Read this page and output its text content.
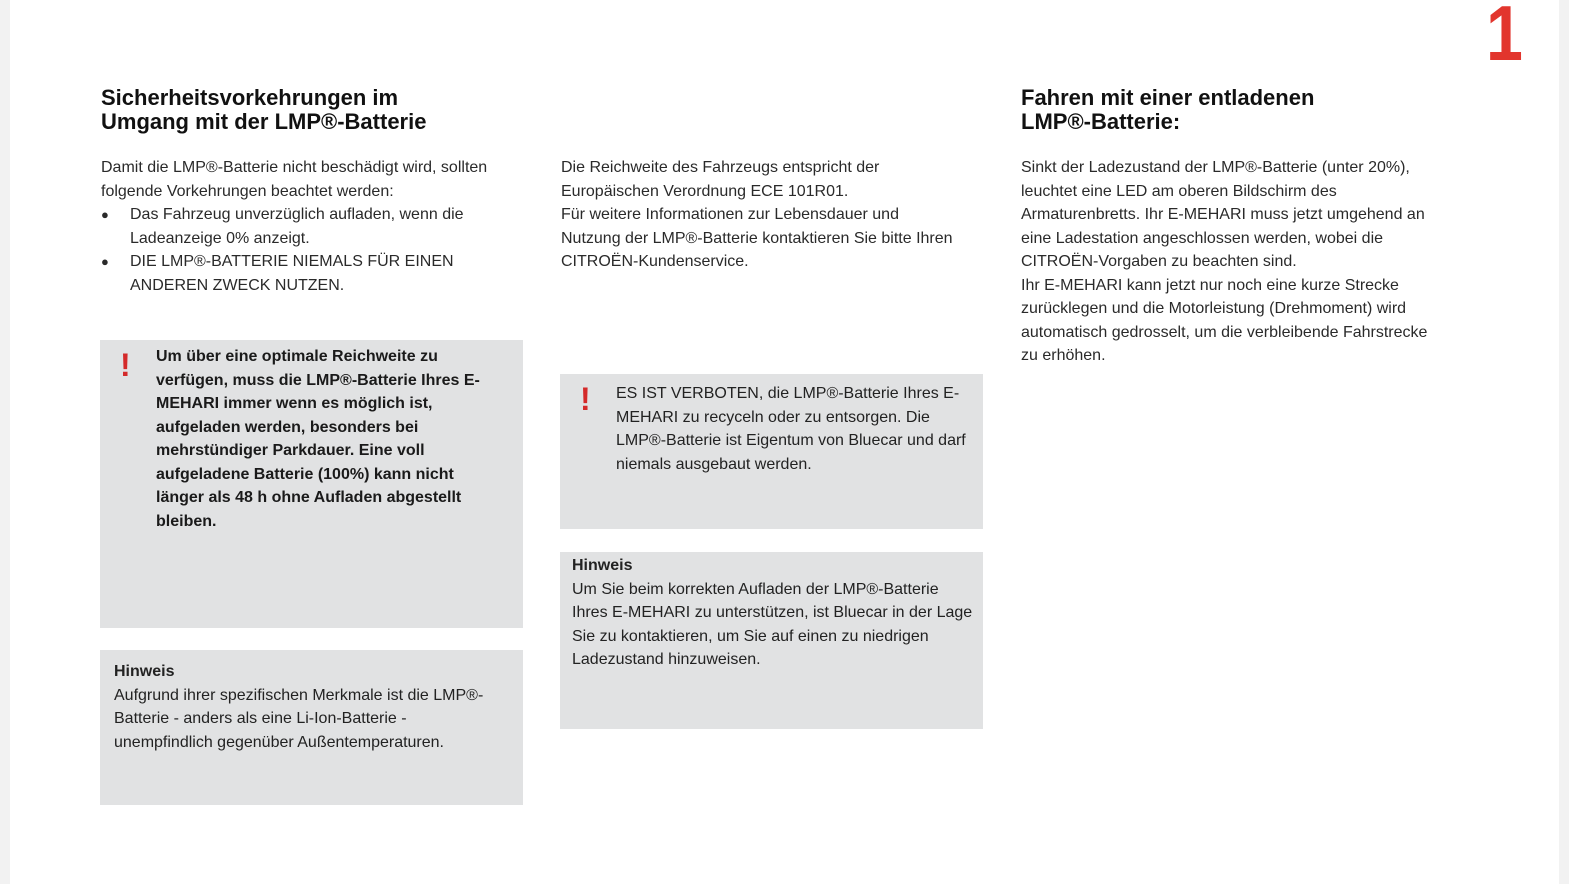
1
Sicherheitsvorkehrungen im
Umgang mit der LMP®-Batterie

Damit die LMP®-Batterie nicht beschädigt wird, sollten folgende Vorkehrungen beachtet werden:

● Das Fahrzeug unverzüglich aufladen, wenn die Ladeanzeige 0% anzeigt.
● DIE LMP®-BATTERIE NIEMALS FÜR EINEN ANDEREN ZWECK NUTZEN.
! Um über eine optimale Reichweite zu verfügen, muss die LMP®-Batterie Ihres E-MEHARI immer wenn es möglich ist, aufgeladen werden, besonders bei mehrstündiger Parkdauer. Eine voll aufgeladene Batterie (100%) kann nicht länger als 48 h ohne Aufladen abgestellt bleiben.

Hinweis
Aufgrund ihrer spezifischen Merkmale ist die LMP®-Batterie - anders als eine Li-Ion-Batterie - unempfindlich gegenüber Außentemperaturen.

Die Reichweite des Fahrzeugs entspricht der Europäischen Verordnung ECE 101R01.

Für weitere Informationen zur Lebensdauer und Nutzung der LMP®-Batterie kontaktieren Sie bitte Ihren CITROËN-Kundenservice.

! ES IST VERBOTEN, die LMP®-Batterie Ihres E-MEHARI zu recyceln oder zu entsorgen. Die LMP®-Batterie ist Eigentum von Bluecar und darf niemals ausgebaut werden.

Hinweis
Um Sie beim korrekten Aufladen der LMP®-Batterie Ihres E-MEHARI zu unterstützen, ist Bluecar in der Lage Sie zu kontaktieren, um Sie auf einen zu niedrigen Ladezustand hinzuweisen.

Fahren mit einer entladenen
LMP®-Batterie:

Sinkt der Ladezustand der LMP®-Batterie (unter 20%), leuchtet eine LED am oberen Bildschirm des Armaturenbretts. Ihr E-MEHARI muss jetzt umgehend an eine Ladestation angeschlossen werden, wobei die CITROËN-Vorgaben zu beachten sind.

Ihr E-MEHARI kann jetzt nur noch eine kurze Strecke zurücklegen und die Motorleistung (Drehmoment) wird automatisch gedrosselt, um die verbleibende Fahrstrecke zu erhöhen.
